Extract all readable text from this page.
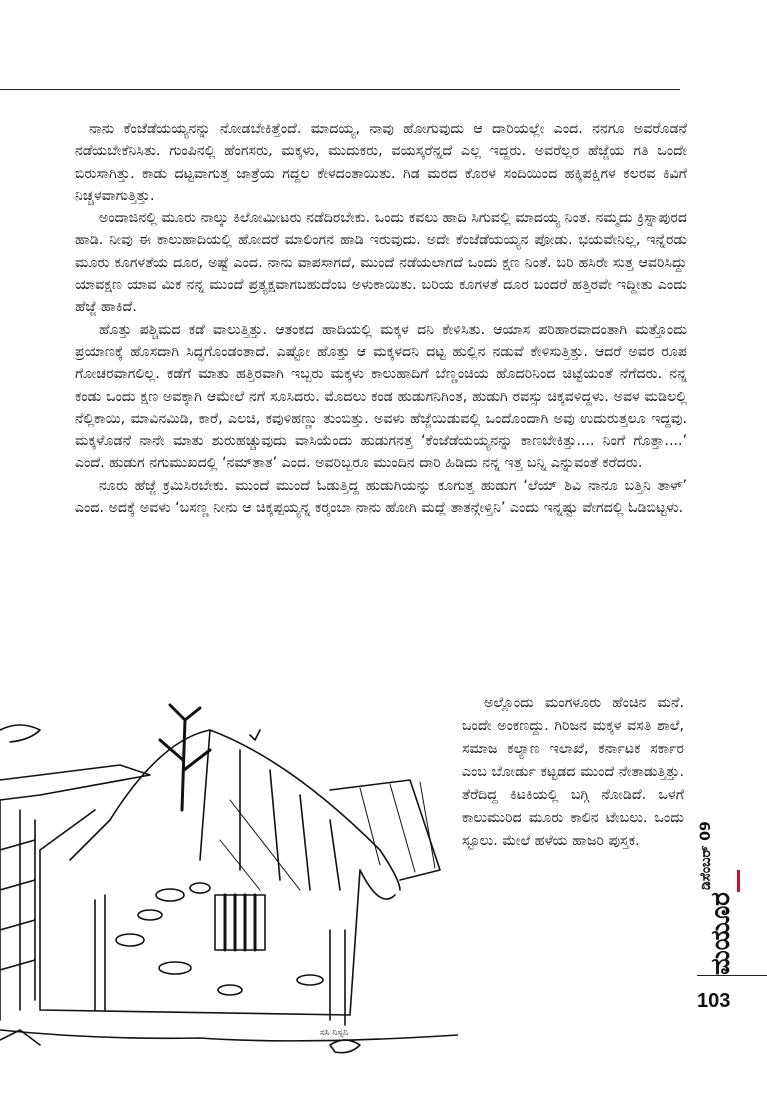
ನಾನು ಕೆಂಜೆಡೆಯಯ್ಯನನ್ನು ನೋಡಬೇಕಿತ್ತೆಂದೆ. ಮಾದಯ್ಯ, ನಾವು ಹೋಗುವುದು ಆ ದಾರಿಯಲ್ಲೇ ಎಂದ. ನನಗೂ ಅವರೊಡನೆ ನಡೆಯಬೇಕೆನಿಸಿತು. ಗುಂಪಿನಲ್ಲಿ ಹೆಂಗಸರು, ಮಕ್ಕಳು, ಮುದುಕರು, ವಯಸ್ಕರೆನ್ನದೆ ಎಲ್ಲ ಇದ್ದರು. ಅವರೆಲ್ಲರ ಹೆಜ್ಜೆಯ ಗತಿ ಒಂದೇ ಬಿರುಸಾಗಿತ್ತು. ಕಾಡು ದಟ್ಟವಾಗುತ್ತ ಜಾತ್ರೆಯ ಗದ್ದಲ ಕೇಳದಂತಾಯಿತು. ಗಿಡ ಮರದ ಕೊರಳ ಸಂದಿಯಿಂದ ಹಕ್ಕಿಪಕ್ಷಿಗಳ ಕಲರವ ಕಿವಿಗೆ ನಿಚ್ಚಳವಾಗುತ್ತಿತ್ತು.

ಅಂದಾಜಿನಲ್ಲಿ ಮೂರು ನಾಲ್ಕು ಕಿಲೋಮೀಟರು ನಡೆದಿರಬೇಕು. ಒಂದು ಕವಲು ಹಾದಿ ಸಿಗುವಲ್ಲಿ ಮಾದಯ್ಯ ನಿಂತ. ನಮ್ಮದು ಕ್ರಿಸ್ನಾಪುರದ ಹಾಡಿ. ನೀವು ಈ ಕಾಲುಹಾದಿಯಲ್ಲಿ ಹೋದರೆ ಮಾಲಿಂಗನ ಹಾಡಿ ಇರುವುದು. ಅದೇ ಕೆಂಜೆಡೆಯಯ್ಯನ ಪೋಡು. ಭಯವೇನಿಲ್ಲ, ಇನ್ನೆರಡು ಮೂರು ಕೂಗಳತೆಯ ದೂರ, ಅಷ್ಟೆ ಎಂದ. ನಾನು ವಾಪಸಾಗದೆ, ಮುಂದೆ ನಡೆಯಲಾಗದೆ ಒಂದು ಕ್ಷಣ ನಿಂತೆ. ಬರಿ ಹಸಿರೇ ಸುತ್ತ ಆವರಿಸಿದ್ದು ಯಾವಕ್ಷಣ ಯಾವ ಮಿಕ ನನ್ನ ಮುಂದೆ ಪ್ರತ್ಯಕ್ಷವಾಗಬಹುದೆಂಬ ಅಳುಕಾಯಿತು. ಬರಿಯ ಕೂಗಳತೆ ದೂರ ಬಂದರೆ ಹತ್ತಿರವೇ ಇದ್ದೀತು ಎಂದು ಹೆಜ್ಜೆ ಹಾಕಿದೆ.

ಹೊತ್ತು ಪಶ್ಚಿಮದ ಕಡೆ ವಾಲುತ್ತಿತ್ತು. ಆತಂಕದ ಹಾದಿಯಲ್ಲಿ ಮಕ್ಕಳ ದನಿ ಕೇಳಿಸಿತು. ಆಯಾಸ ಪರಿಹಾರವಾದಂತಾಗಿ ಮತ್ತೊಂದು ಪ್ರಯಾಣಕ್ಕೆ ಹೊಸದಾಗಿ ಸಿದ್ಧಗೊಂಡಂತಾದೆ. ಎಷ್ಟೋ ಹೊತ್ತು ಆ ಮಕ್ಕಳದನಿ ದಟ್ಟ ಹುಲ್ಲಿನ ನಡುವೆ ಕೇಳಿಸುತ್ತಿತ್ತು. ಆದರೆ ಅವರ ರೂಪ ಗೋಚರವಾಗಲಿಲ್ಲ. ಕಡೆಗೆ ಮಾತು ಹತ್ತಿರವಾಗಿ ಇಬ್ಬರು ಮಕ್ಕಳು ಕಾಲುಹಾದಿಗೆ ಬೆಣ್ಣಂಚಿಯ ಹೊದರಿನಿಂದ ಚಿಟ್ಟೆಯಂತೆ ನೆಗೆದರು. ನನ್ನ ಕಂಡು ಒಂದು ಕ್ಷಣ ಅವಕ್ಕಾಗಿ ಆಮೇಲೆ ನಗೆ ಸೂಸಿದರು. ಮೊದಲು ಕಂಡ ಹುಡುಗನಿಗಿಂತ, ಹುಡುಗಿ ರವಸ್ಸು ಚಿಕ್ಕವಳಿದ್ದಳು. ಅವಳ ಮಡಿಲಲ್ಲಿ ನೆಲ್ಲಿಕಾಯಿ, ಮಾವಿನಮಿಡಿ, ಕಾರೆ, ಎಲಚಿ, ಕವುಳಿಹಣ್ಣು ತುಂಬಿತ್ತು. ಅವಳು ಹೆಜ್ಜೆಯಿಡುವಲ್ಲಿ ಒಂದೊಂದಾಗಿ ಅವು ಉದುರುತ್ತಲೂ ಇದ್ದವು. ಮಕ್ಕಳೊಡನೆ ನಾನೇ ಮಾತು ಶುರುಹಚ್ಚುವುದು ವಾಸಿಯೆಂದು ಹುಡುಗನತ್ತ ‘ಕೆಂಜೆಡೆಯಯ್ಯನನ್ನು ಕಾಣಬೇಕಿತ್ತು.... ನಿಂಗೆ ಗೊತ್ತಾ....’ ಎಂದೆ. ಹುಡುಗ ನಗುಮುಖದಲ್ಲಿ ‘ನಮ್‌ತಾತ’ ಎಂದ. ಅವರಿಬ್ಬರೂ ಮುಂದಿನ ದಾರಿ ಹಿಡಿದು ನನ್ನ ಇತ್ತ ಬನ್ನಿ ಎನ್ನುವಂತೆ ಕರೆದರು.

ನೂರು ಹೆಜ್ಜೆ ಕ್ರಮಿಸಿರಬೇಕು. ಮುಂದೆ ಮುಂದೆ ಓಡುತ್ತಿದ್ದ ಹುಡುಗಿಯನ್ನು ಕೂಗುತ್ತ ಹುಡುಗ ‘ಲೆಯ್ ಶಿವಿ ನಾನೂ ಬತ್ತಿನಿ ತಾಳ್’ ಎಂದ. ಅದಕ್ಕೆ ಅವಳು ‘ಬಸಣ್ಣ ನೀನು ಆ ಚಿಕ್ಕಪ್ಪಯ್ಯನ್ನ ಕರ್‍ಕಂಬಾ ನಾನು ಹೋಗಿ ಮದ್ಲೆ ತಾತನ್ಗೇಳ್ತಿನಿ’ ಎಂದು ಇನ್ನಷ್ಟು ವೇಗದಲ್ಲಿ ಓಡಿಬಿಟ್ಟಳು.

ಅಲ್ಲೊಂದು ಮಂಗಳೂರು ಹೆಂಚಿನ ಮನೆ. ಒಂದೇ ಅಂಕಣದ್ದು. ಗಿರಿಜನ ಮಕ್ಕಳ ವಸತಿ ಶಾಲೆ, ಸಮಾಜ ಕಲ್ಯಾಣ ಇಲಾಖೆ, ಕರ್ನಾಟಕ ಸರ್ಕಾರ ಎಂಬ ಬೋರ್ಡು ಕಟ್ಟಡದ ಮುಂದೆ ನೇತಾಡುತ್ತಿತ್ತು. ತೆರೆದಿದ್ದ ಕಿಟಕಿಯಲ್ಲಿ ಬಗ್ಗಿ ನೋಡಿದೆ. ಒಳಗೆ ಕಾಲುಮುರಿದ ಮೂರು ಕಾಲಿನ ಟೇಬಲು. ಒಂದು ಸ್ಟೂಲು. ಮೇಲೆ ಹಳೆಯ ಹಾಜರಿ ಪುಸ್ತಕ.

ಸಸಿ ನಿಸ್ಸನಿ
ಮಯೂರ
ಡಿಸೆಂಬರ್ 09
103
